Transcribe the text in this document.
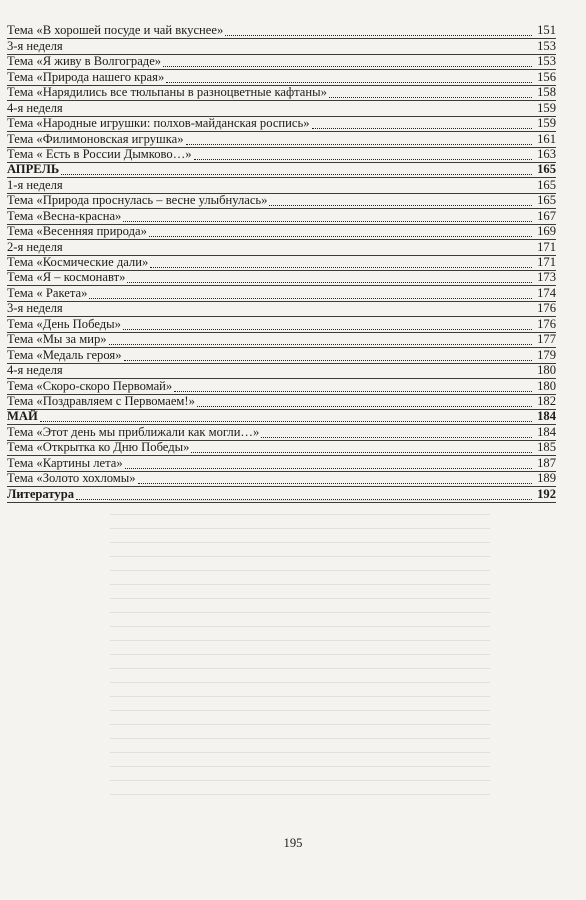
Тема «В хорошей посуде и чай вкуснее»	151
3-я неделя	153
Тема «Я живу в Волгограде»	153
Тема «Природа нашего края»	156
Тема «Нарядились все тюльпаны в разноцветные кафтаны»	158
4-я неделя	159
Тема «Народные игрушки: полхов-майданская роспись»	159
Тема «Филимоновская игрушка»	161
Тема « Есть в России Дымково…»	163
АПРЕЛЬ	165
1-я неделя	165
Тема «Природа проснулась – весне улыбнулась»	165
Тема «Весна-красна»	167
Тема «Весенняя природа»	169
2-я неделя	171
Тема «Космические дали»	171
Тема «Я – космонавт»	173
Тема « Ракета»	174
3-я неделя	176
Тема «День Победы»	176
Тема «Мы за мир»	177
Тема «Медаль героя»	179
4-я неделя	180
Тема «Скоро-скоро Первомай»	180
Тема «Поздравляем с Первомаем!»	182
МАЙ	184
Тема «Этот день мы приближали как могли…»	184
Тема «Открытка ко Дню Победы»	185
Тема «Картины лета»	187
Тема «Золото хохломы»	189
Литература	192
195
